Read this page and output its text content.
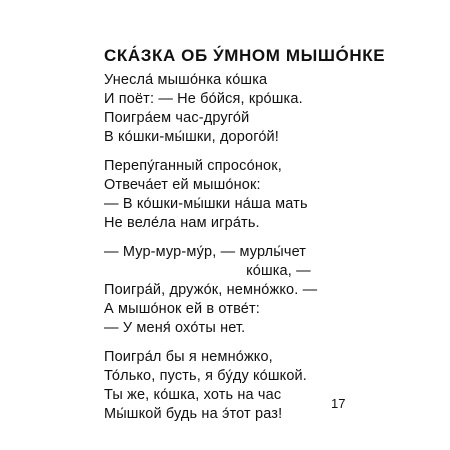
СКА́ЗКА ОБ У́МНОМ МЫШО́НКЕ
Унесла́ мышо́нка ко́шка
И поёт: — Не бо́йся, кро́шка.
Поигра́ем час-друго́й
В ко́шки-мы́шки, дорого́й!
Перепу́ганный спросо́нок,
Отвеча́ет ей мышо́нок:
— В ко́шки-мы́шки на́ша мать
Не веле́ла нам игра́ть.
— Мур-мур-му́р, — мурлы́чет
ко́шка, —
Поигра́й, дружо́к, немно́жко. —
А мышо́нок ей в отве́т:
— У меня́ охо́ты нет.
Поигра́л бы я немно́жко,
То́лько, пусть, я бу́ду ко́шкой.
Ты же, ко́шка, хоть на час
Мы́шкой будь на э́тот раз!
17
